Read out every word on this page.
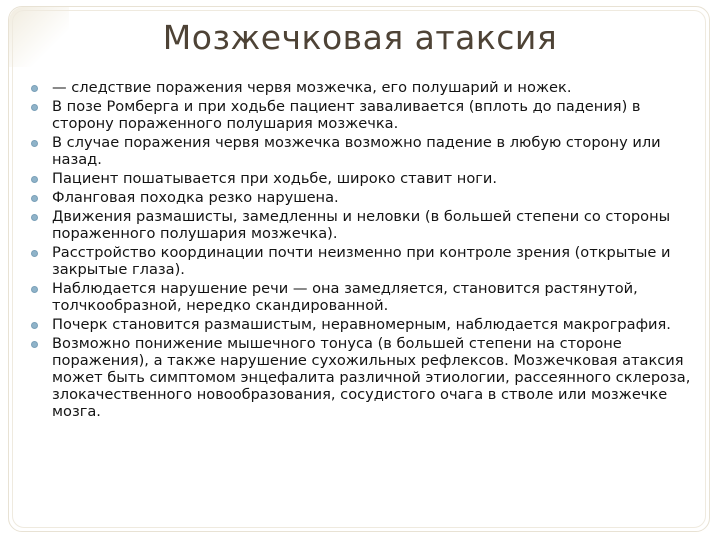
Мозжечковая атаксия
— следствие поражения червя мозжечка, его полушарий и ножек.
В позе Ромберга и при ходьбе пациент заваливается (вплоть до падения) в сторону пораженного полушария мозжечка.
В случае поражения червя мозжечка возможно падение в любую сторону или назад.
Пациент пошатывается при ходьбе, широко ставит ноги.
Фланговая походка резко нарушена.
Движения размашисты, замедленны и неловки (в большей степени со стороны пораженного полушария мозжечка).
Расстройство координации почти неизменно при контроле зрения (открытые и закрытые глаза).
Наблюдается нарушение речи — она замедляется, становится растянутой, толчкообразной, нередко скандированной.
Почерк становится размашистым, неравномерным, наблюдается макрография.
Возможно понижение мышечного тонуса (в большей степени на стороне поражения), а также нарушение сухожильных рефлексов. Мозжечковая атаксия может быть симптомом энцефалита различной этиологии, рассеянного склероза, злокачественного новообразования, сосудистого очага в стволе или мозжечке мозга.
